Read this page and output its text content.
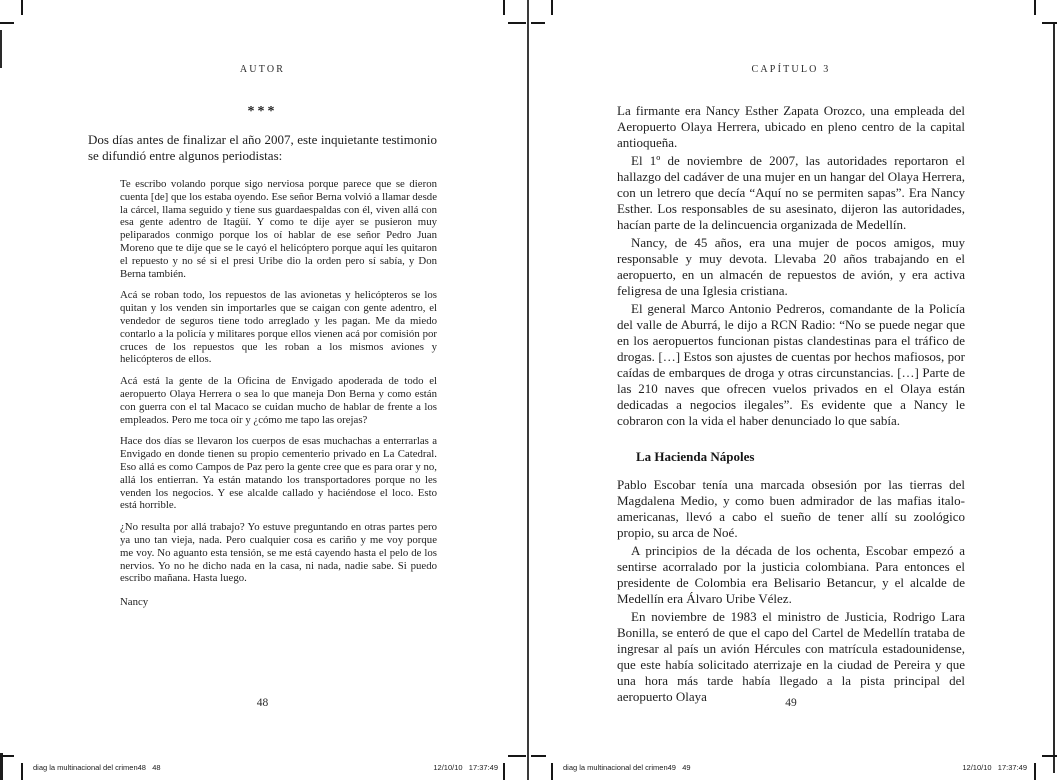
AUTOR
***

Dos días antes de finalizar el año 2007, este inquietante testimonio se difundió entre algunos periodistas:

Te escribo volando porque sigo nerviosa porque parece que se dieron cuenta [de] que los estaba oyendo. Ese señor Berna volvió a llamar desde la cárcel, llama seguido y tiene sus guardaespaldas con él, viven allá con esa gente adentro de Itagüí. Y como te dije ayer se pusieron muy peliparados conmigo porque los oí hablar de ese señor Pedro Juan Moreno que te dije que se le cayó el helicóptero porque aquí les quitaron el repuesto y no sé si el presi Uribe dio la orden pero sí sabía, y Don Berna también.

Acá se roban todo, los repuestos de las avionetas y helicópteros se los quitan y los venden sin importarles que se caigan con gente adentro, el vendedor de seguros tiene todo arreglado y les pagan. Me da miedo contarlo a la policía y militares porque ellos vienen acá por comisión por cruces de los repuestos que les roban a los mismos aviones y helicópteros de ellos.

Acá está la gente de la Oficina de Envigado apoderada de todo el aeropuerto Olaya Herrera o sea lo que maneja Don Berna y como están con guerra con el tal Macaco se cuidan mucho de hablar de frente a los empleados. Pero me toca oír y ¿cómo me tapo las orejas?

Hace dos días se llevaron los cuerpos de esas muchachas a enterrarlas a Envigado en donde tienen su propio cementerio privado en La Catedral. Eso allá es como Campos de Paz pero la gente cree que es para orar y no, allá los entierran. Ya están matando los transportadores porque no les venden los negocios. Y ese alcalde callado y haciéndose el loco. Esto está horrible.

¿No resulta por allá trabajo? Yo estuve preguntando en otras partes pero ya uno tan vieja, nada. Pero cualquier cosa es cariño y me voy porque me voy. No aguanto esta tensión, se me está cayendo hasta el pelo de los nervios. Yo no he dicho nada en la casa, ni nada, nadie sabe. Si puedo escribo mañana. Hasta luego.

Nancy

48
CAPÍTULO 3

La firmante era Nancy Esther Zapata Orozco, una empleada del Aeropuerto Olaya Herrera, ubicado en pleno centro de la capital antioqueña.

El 1º de noviembre de 2007, las autoridades reportaron el hallazgo del cadáver de una mujer en un hangar del Olaya Herrera, con un letrero que decía “Aquí no se permiten sapas”. Era Nancy Esther. Los responsables de su asesinato, dijeron las autoridades, hacían parte de la delincuencia organizada de Medellín.

Nancy, de 45 años, era una mujer de pocos amigos, muy responsable y muy devota. Llevaba 20 años trabajando en el aeropuerto, en un almacén de repuestos de avión, y era activa feligresa de una Iglesia cristiana.

El general Marco Antonio Pedreros, comandante de la Policía del valle de Aburrá, le dijo a RCN Radio: “No se puede negar que en los aeropuertos funcionan pistas clandestinas para el tráfico de drogas. […] Estos son ajustes de cuentas por hechos mafiosos, por caídas de embarques de droga y otras circunstancias. […] Parte de las 210 naves que ofrecen vuelos privados en el Olaya están dedicadas a negocios ilegales”. Es evidente que a Nancy le cobraron con la vida el haber denunciado lo que sabía.

La Hacienda Nápoles

Pablo Escobar tenía una marcada obsesión por las tierras del Magdalena Medio, y como buen admirador de las mafias italo-americanas, llevó a cabo el sueño de tener allí su zoológico propio, su arca de Noé.

A principios de la década de los ochenta, Escobar empezó a sentirse acorralado por la justicia colombiana. Para entonces el presidente de Colombia era Belisario Betancur, y el alcalde de Medellín era Álvaro Uribe Vélez.

En noviembre de 1983 el ministro de Justicia, Rodrigo Lara Bonilla, se enteró de que el capo del Cartel de Medellín trataba de ingresar al país un avión Hércules con matrícula estadounidense, que este había solicitado aterrizaje en la ciudad de Pereira y que una hora más tarde había llegado a la pista principal del aeropuerto Olaya	49
diag la multinacional del crimen48   48	12/10/10   17:37:49	diag la multinacional del crimen49   49	12/10/10   17:37:49
